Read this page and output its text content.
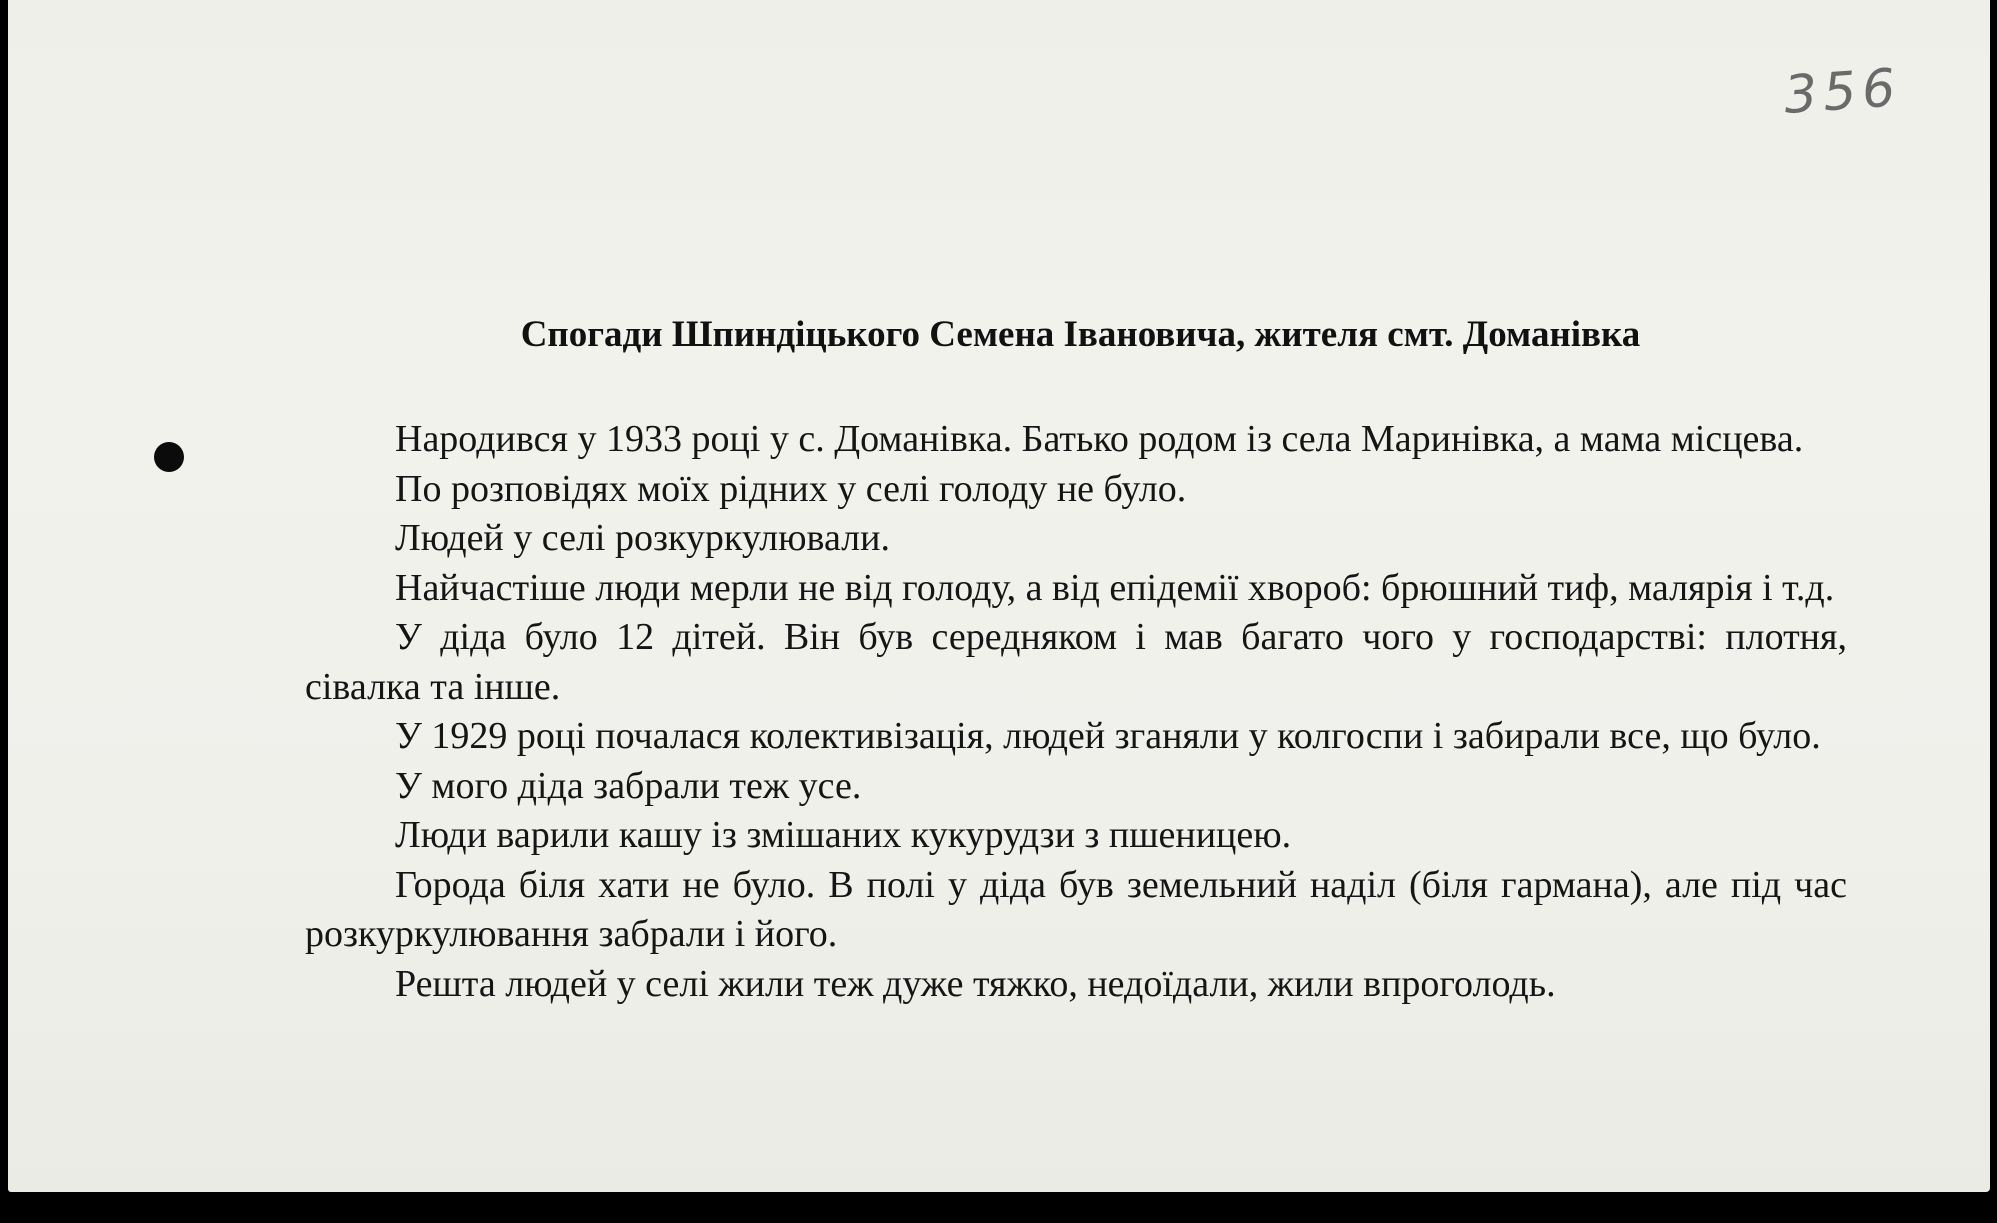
356
Спогади Шпиндіцького Семена Івановича, жителя смт. Доманівка

Народився у 1933 році у с. Доманівка. Батько родом із села Маринівка, а мама місцева.

По розповідях моїх рідних у селі голоду не було.

Людей у селі розкуркулювали.

Найчастіше люди мерли не від голоду, а від епідемії хвороб: брюшний тиф, малярія і т.д.

У діда було 12 дітей. Він був середняком і мав багато чого у господарстві: плотня, сівалка та інше.

У 1929 році почалася колективізація, людей зганяли у колгоспи і забирали все, що було.

У мого діда забрали теж усе.

Люди варили кашу із змішаних кукурудзи з пшеницею.

Города біля хати не було. В полі у діда був земельний наділ (біля гармана), але під час розкуркулювання забрали і його.

Решта людей у селі жили теж дуже тяжко, недоїдали, жили впроголодь.
